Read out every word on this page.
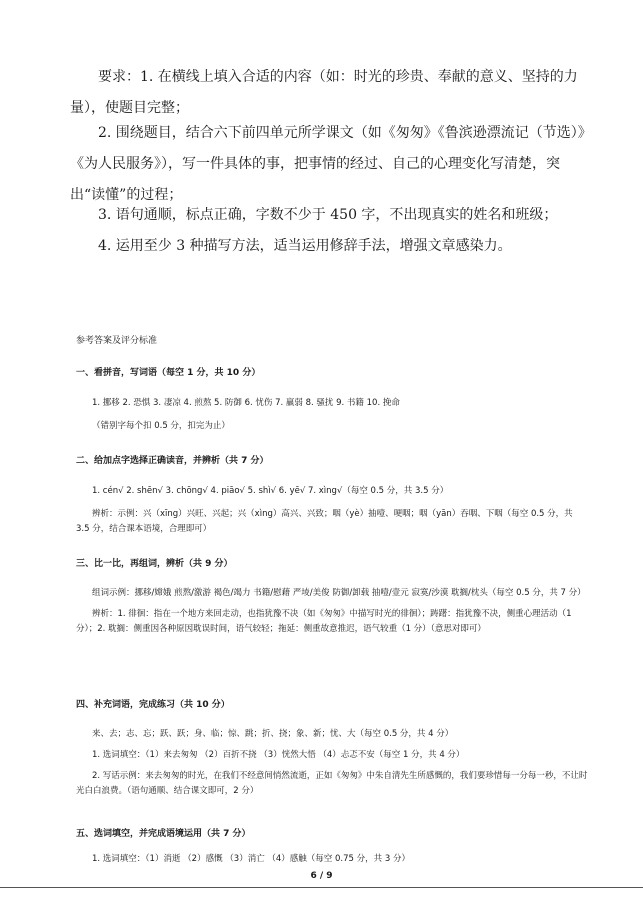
要求：1. 在横线上填入合适的内容（如：时光的珍贵、奉献的意义、坚持的力量），使题目完整；

2. 围绕题目，结合六下前四单元所学课文（如《匆匆》《鲁滨逊漂流记（节选）》《为人民服务》），写一件具体的事，把事情的经过、自己的心理变化写清楚，突出“读懂”的过程；

3. 语句通顺，标点正确，字数不少于 450 字，不出现真实的姓名和班级；

4. 运用至少 3 种描写方法，适当运用修辞手法，增强文章感染力。

参考答案及评分标准

一、看拼音，写词语（每空 1 分，共 10 分）

1. 挪移 2. 恐惧 3. 凄凉 4. 煎熬 5. 防御 6. 忧伤 7. 羸弱 8. 骚扰 9. 书籍 10. 挽命

（错别字每个扣 0.5 分，扣完为止）

二、给加点字选择正确读音，并辨析（共 7 分）

1. cén√ 2. shēn√ 3. chōng√ 4. piāo√ 5. shì√ 6. yē√ 7. xìng√（每空 0.5 分，共 3.5 分）

辨析：示例：兴（xīng）兴旺、兴起；兴（xìng）高兴、兴致；咽（yè）抽噎、哽咽；咽（yān）吞咽、下咽（每空 0.5 分，共 3.5 分，结合课本语境，合理即可）

三、比一比，再组词，辨析（共 9 分）

组词示例：挪移/嫦娥 煎熬/激游 褐色/竭力 书籍/慰藉 严堎/美俊 防御/卸载 抽噎/壹元 寂寞/沙漠 耽搁/枕头（每空 0.5 分，共 7 分）

辨析：1. 徘徊：指在一个地方来回走动，也指犹豫不决（如《匆匆》中描写时光的徘徊）；踌躇：指犹豫不决，侧重心理活动（1 分）；2. 耽搁：侧重因各种原因耽误时间，语气较轻；拖延：侧重故意推迟，语气较重（1 分）（意思对即可）

四、补充词语，完成练习（共 10 分）

来、去；志、忘；跃、跃；身、临；惊、跳；折、挠；象、新；忧、大（每空 0.5 分，共 4 分）

1. 选词填空：（1）来去匆匆 （2）百折不挠 （3）恍然大悟 （4）忐忑不安（每空 1 分，共 4 分）

2. 写话示例：来去匆匆的时光，在我们不经意间悄然流逝，正如《匆匆》中朱自清先生所感慨的，我们要珍惜每一分每一秒，不让时光白白浪费。（语句通顺、结合课文即可，2 分）

五、选词填空，并完成语境运用（共 7 分）

1. 选词填空：（1）消逝 （2）感慨 （3）消亡 （4）感触（每空 0.75 分，共 3 分）

6 / 9
